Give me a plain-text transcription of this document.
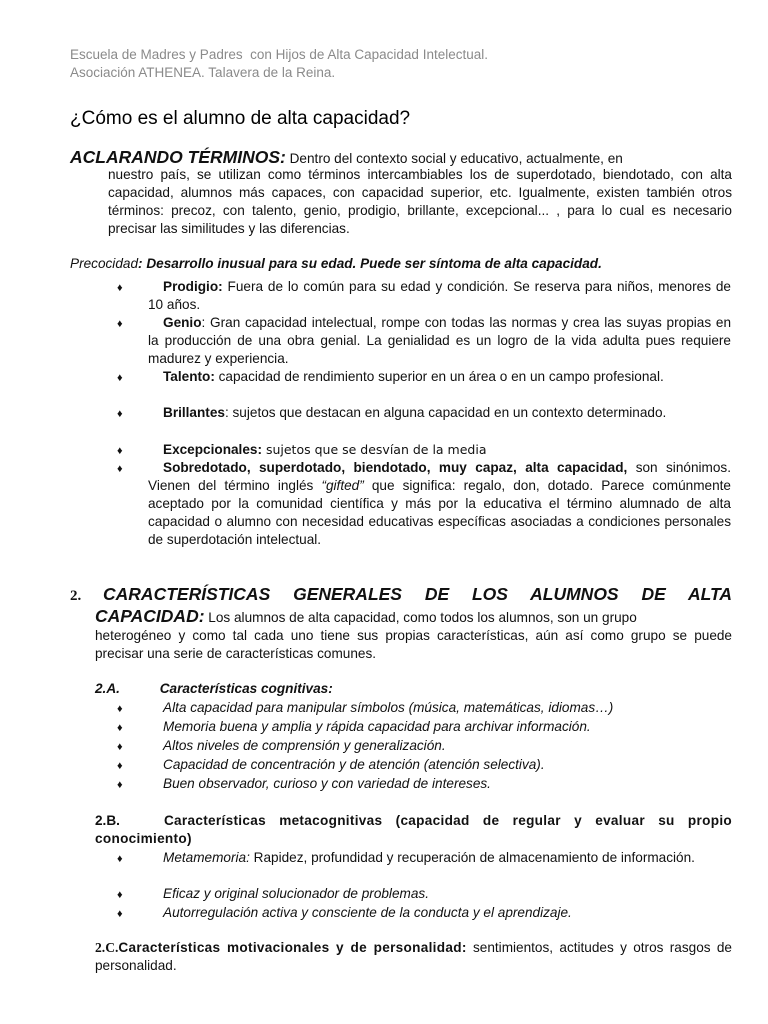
Escuela de Madres y Padres  con Hijos de Alta Capacidad Intelectual.
Asociación ATHENEA. Talavera de la Reina.
¿Cómo es el alumno de alta capacidad?
ACLARANDO TÉRMINOS: Dentro del contexto social y educativo, actualmente, en
nuestro país, se utilizan como términos intercambiables los de superdotado, biendotado, con alta capacidad, alumnos más capaces, con capacidad superior, etc. Igualmente, existen también otros términos: precoz, con talento, genio, prodigio, brillante, excepcional... , para lo cual es necesario precisar las similitudes y las diferencias.
Precocidad: Desarrollo inusual para su edad. Puede ser síntoma de alta capacidad.
♦	Prodigio: Fuera de lo común para su edad y condición. Se reserva para niños, menores de 10 años.
♦	Genio: Gran capacidad intelectual, rompe con todas las normas y crea las suyas propias en la producción de una obra genial. La genialidad es un logro de la vida adulta pues requiere madurez y experiencia.
♦	Talento: capacidad de rendimiento superior en un área o en un campo profesional.
♦	Brillantes: sujetos que destacan en alguna capacidad en un contexto determinado.
♦	Excepcionales: sujetos que se desvían de la media
♦	Sobredotado, superdotado, biendotado, muy capaz, alta capacidad, son sinónimos. Vienen del término inglés “gifted” que significa: regalo, don, dotado. Parece comúnmente aceptado por la comunidad científica y más por la educativa el término alumnado de alta capacidad o alumno con necesidad educativas específicas asociadas a condiciones personales de superdotación intelectual.
2. CARACTERÍSTICAS GENERALES DE LOS ALUMNOS DE ALTA
CAPACIDAD: Los alumnos de alta capacidad, como todos los alumnos, son un grupo
heterogéneo y como tal cada uno tiene sus propias características, aún así como grupo se puede precisar una serie de características comunes.
2.A.	Características cognitivas:
♦	Alta capacidad para manipular símbolos (música, matemáticas, idiomas…)
♦	Memoria buena y amplia y rápida capacidad para archivar información.
♦	Altos niveles de comprensión y generalización.
♦	Capacidad de concentración y de atención (atención selectiva).
♦	Buen observador, curioso y con variedad de intereses.
2.B.	Características metacognitivas (capacidad de regular y evaluar su propio conocimiento)
♦	Metamemoria: Rapidez, profundidad y recuperación de almacenamiento de información.
♦	Eficaz y original solucionador de problemas.
♦	Autorregulación activa y consciente de la conducta y el aprendizaje.
2.C.Características motivacionales y de personalidad: sentimientos, actitudes y otros rasgos de personalidad.
